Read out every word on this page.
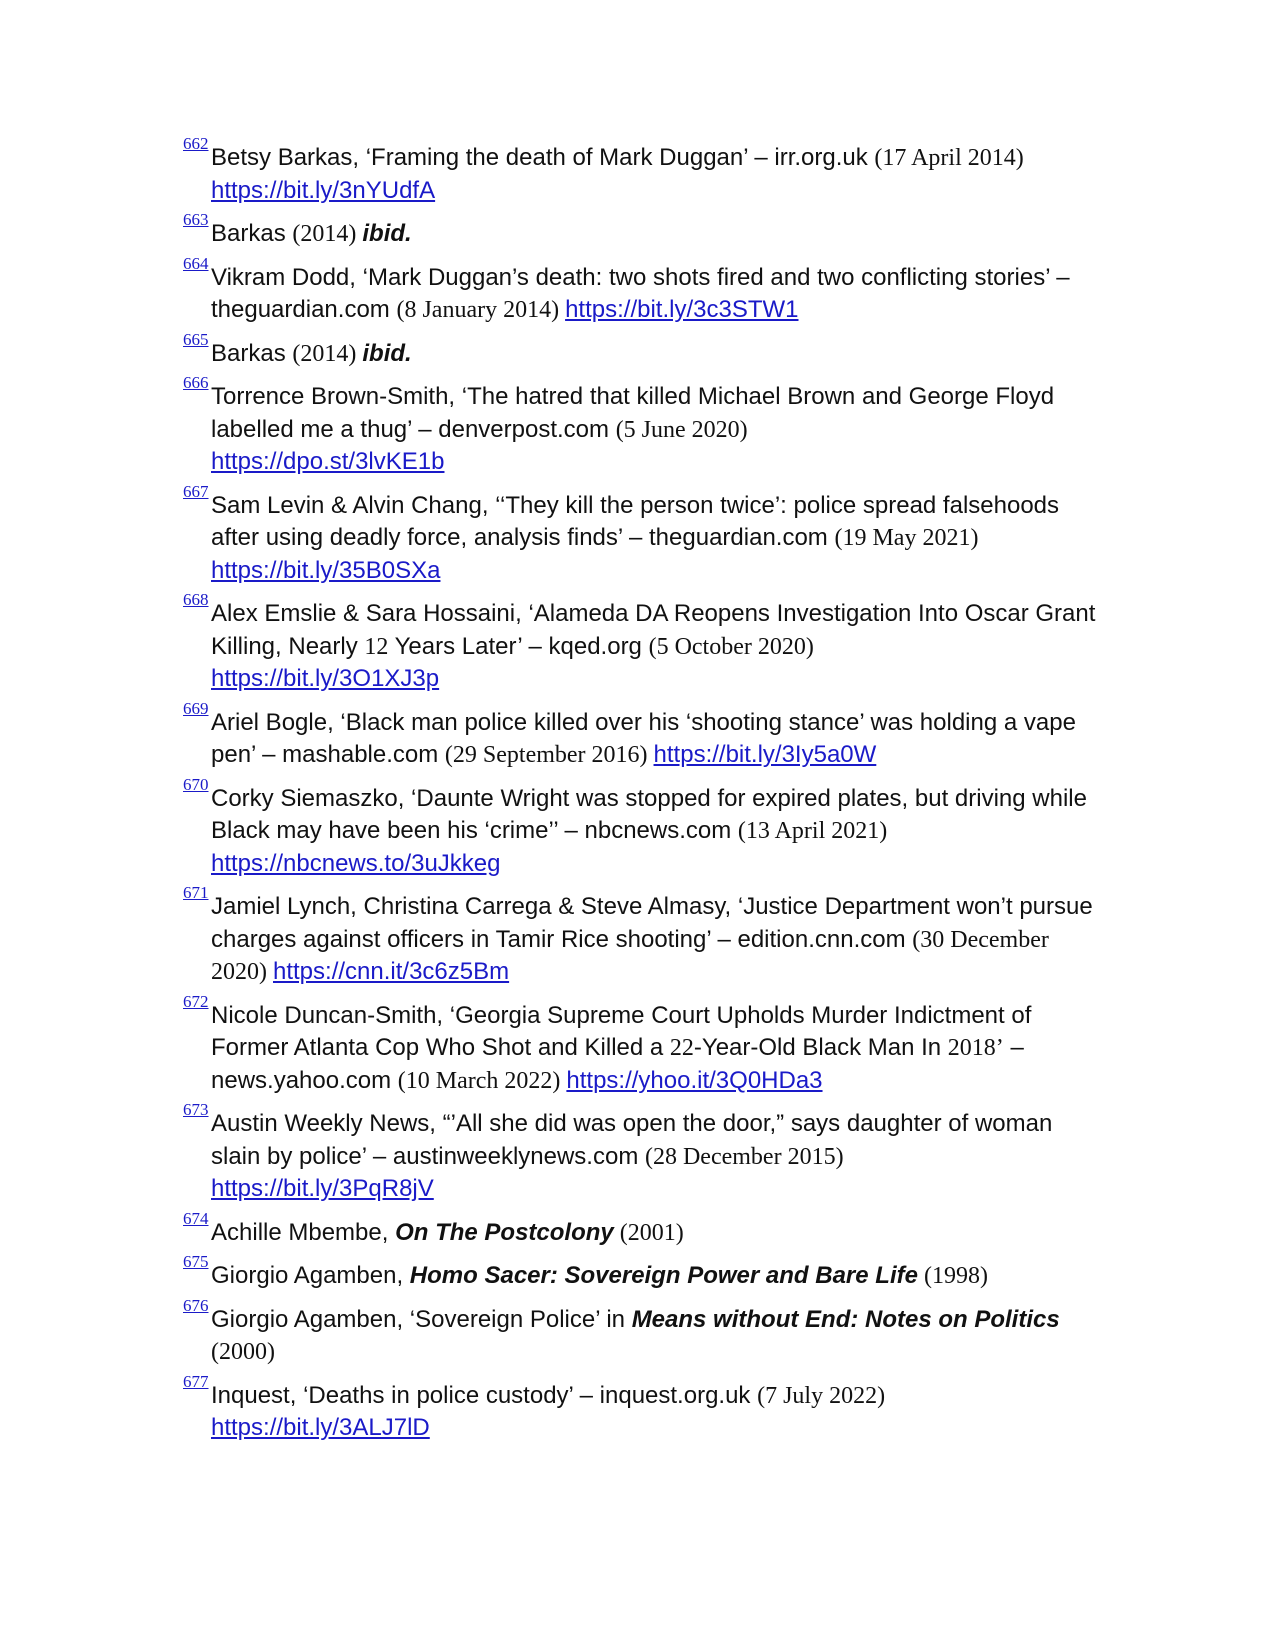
662
Betsy Barkas, ‘Framing the death of Mark Duggan’ – irr.org.uk (17 April 2014)
https://bit.ly/3nYUdfA
663
Barkas (2014) ibid.
664
Vikram Dodd, ‘Mark Duggan’s death: two shots fired and two conflicting stories’ – theguardian.com (8 January 2014) https://bit.ly/3c3STW1
665
Barkas (2014) ibid.
666
Torrence Brown-Smith, ‘The hatred that killed Michael Brown and George Floyd labelled me a thug’ – denverpost.com (5 June 2020)
https://dpo.st/3lvKE1b
667
Sam Levin & Alvin Chang, ‘‘They kill the person twice’: police spread falsehoods after using deadly force, analysis finds’ – theguardian.com (19 May 2021) https://bit.ly/35B0SXa
668
Alex Emslie & Sara Hossaini, ‘Alameda DA Reopens Investigation Into Oscar Grant Killing, Nearly 12 Years Later’ – kqed.org (5 October 2020)
https://bit.ly/3O1XJ3p
669
Ariel Bogle, ‘Black man police killed over his ‘shooting stance’ was holding a vape pen’ – mashable.com (29 September 2016) https://bit.ly/3Iy5a0W
670
Corky Siemaszko, ‘Daunte Wright was stopped for expired plates, but driving while Black may have been his ‘crime’’ – nbcnews.com (13 April 2021)
https://nbcnews.to/3uJkkeg
671
Jamiel Lynch, Christina Carrega & Steve Almasy, ‘Justice Department won’t pursue charges against officers in Tamir Rice shooting’ – edition.cnn.com (30 December 2020) https://cnn.it/3c6z5Bm
672
Nicole Duncan-Smith, ‘Georgia Supreme Court Upholds Murder Indictment of Former Atlanta Cop Who Shot and Killed a 22-Year-Old Black Man In 2018’ – news.yahoo.com (10 March 2022) https://yhoo.it/3Q0HDa3
673
Austin Weekly News, “’All she did was open the door,” says daughter of woman slain by police’ – austinweeklynews.com (28 December 2015)
https://bit.ly/3PqR8jV
674
Achille Mbembe, On The Postcolony (2001)
675
Giorgio Agamben, Homo Sacer: Sovereign Power and Bare Life (1998)
676
Giorgio Agamben, ‘Sovereign Police’ in Means without End: Notes on Politics (2000)
677
Inquest, ‘Deaths in police custody’ – inquest.org.uk (7 July 2022)
https://bit.ly/3ALJ7lD
